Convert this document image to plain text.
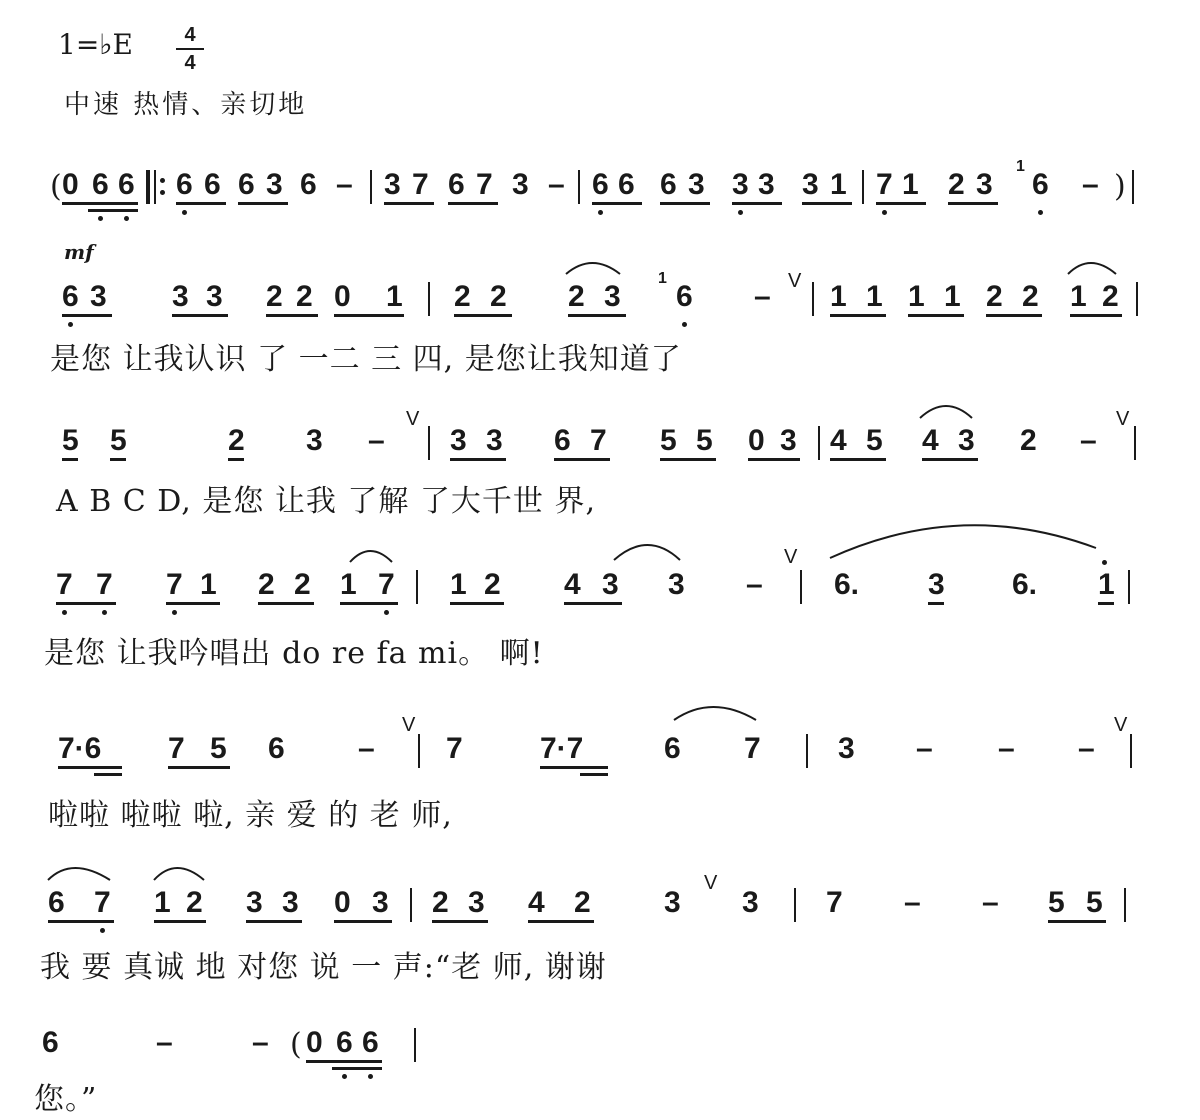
1=♭E	4
4
中速 热情、亲切地
mf
( 0 6 6 6 6 6 3 6 – 3 7 6 7 3 – 6 6 6 3 3 3 3 1 7 1 2 3
1
6 – )
6 3 3 3 2 2 0 1 2 2 2 3
1
6 – V 1 1 1 1 2 2 1 2
是您 让我认识 了 一二 三 四, 是您让我知道了
5 5	2 3 –
V
3 3 6 7 5 5 0 3 4 5 4 3 2 –
V
A B C D, 是您 让我 了解 了大千世 界,
7 7 7 1 2 2 1 7 1 2 4 3 3 –
V
6. 3 6. 1
是您 让我吟唱出 do re fa mi。 啊!
7·6 7 5 6 –
V
7	7·7	6 7	3 – – –
V
啦啦 啦啦 啦, 亲 爱 的 老 师,
6 7 1 2 3 3 0 3 2 3 4 2 3
V
3 7 – – 5 5
我 要 真诚 地 对您 说 一 声:“老 师, 谢谢
6	–	– ( 0 6 6
您。”
